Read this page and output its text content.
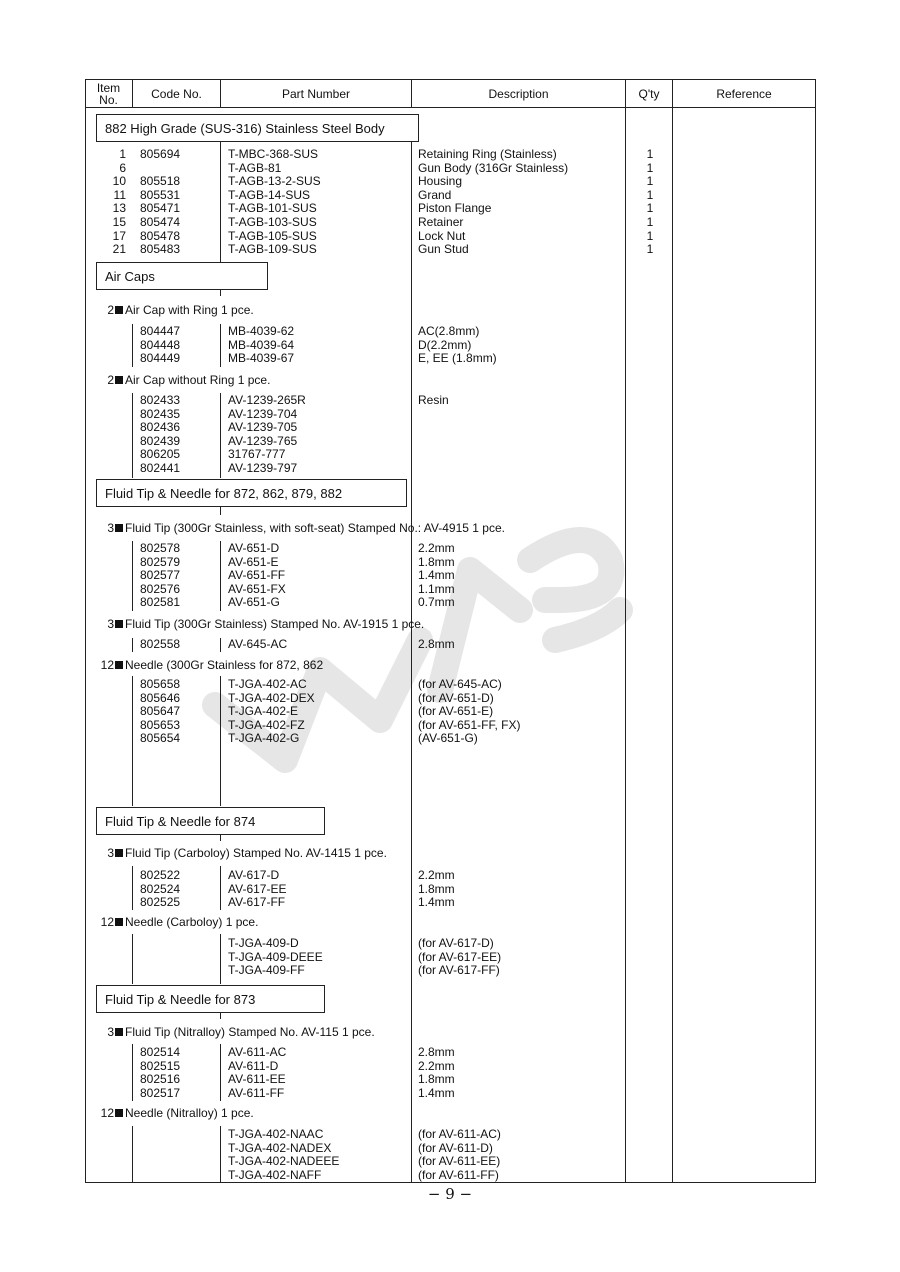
Item
No.	Code No.	Part Number	Description	Q'ty	Reference
882 High Grade (SUS-316) Stainless Steel Body
1 805694	T-MBC-368-SUS	Retaining Ring (Stainless)	1
6	T-AGB-81	Gun Body (316Gr Stainless)	1
10 805518	T-AGB-13-2-SUS	Housing	1
11 805531	T-AGB-14-SUS	Grand	1
13 805471	T-AGB-101-SUS	Piston Flange	1
15 805474	T-AGB-103-SUS	Retainer	1
17 805478	T-AGB-105-SUS	Lock Nut	1
21 805483	T-AGB-109-SUS	Gun Stud	1
Air Caps
2 Air Cap with Ring 1 pce.
804447	MB-4039-62	AC(2.8mm)
804448	MB-4039-64	D(2.2mm)
804449	MB-4039-67	E, EE (1.8mm)
2 Air Cap without Ring 1 pce.
802433	AV-1239-265R	Resin
802435	AV-1239-704
802436	AV-1239-705
802439	AV-1239-765
806205	31767-777
802441	AV-1239-797
Fluid Tip & Needle for 872, 862, 879, 882
3 Fluid Tip (300Gr Stainless, with soft-seat) Stamped No.: AV-4915 1 pce.
802578	AV-651-D	2.2mm
802579	AV-651-E	1.8mm
802577	AV-651-FF	1.4mm
802576	AV-651-FX	1.1mm
802581	AV-651-G	0.7mm
3 Fluid Tip (300Gr Stainless) Stamped No. AV-1915 1 pce.
802558	AV-645-AC	2.8mm
12 Needle (300Gr Stainless for 872, 862
805658	T-JGA-402-AC	(for AV-645-AC)
805646	T-JGA-402-DEX	(for AV-651-D)
805647	T-JGA-402-E	(for AV-651-E)
805653	T-JGA-402-FZ	(for AV-651-FF, FX)
805654	T-JGA-402-G	(AV-651-G)
Fluid Tip & Needle for 874
3 Fluid Tip (Carboloy) Stamped No. AV-1415 1 pce.
802522	AV-617-D	2.2mm
802524	AV-617-EE	1.8mm
802525	AV-617-FF	1.4mm
12 Needle (Carboloy) 1 pce.
T-JGA-409-D	(for AV-617-D)
T-JGA-409-DEEE	(for AV-617-EE)
T-JGA-409-FF	(for AV-617-FF)
Fluid Tip & Needle for 873
3 Fluid Tip (Nitralloy) Stamped No. AV-115 1 pce.
802514	AV-611-AC	2.8mm
802515	AV-611-D	2.2mm
802516	AV-611-EE	1.8mm
802517	AV-611-FF	1.4mm
12 Needle (Nitralloy) 1 pce.
T-JGA-402-NAAC	(for AV-611-AC)
T-JGA-402-NADEX	(for AV-611-D)
T-JGA-402-NADEEE	(for AV-611-EE)
T-JGA-402-NAFF	(for AV-611-FF)
− 9 −
